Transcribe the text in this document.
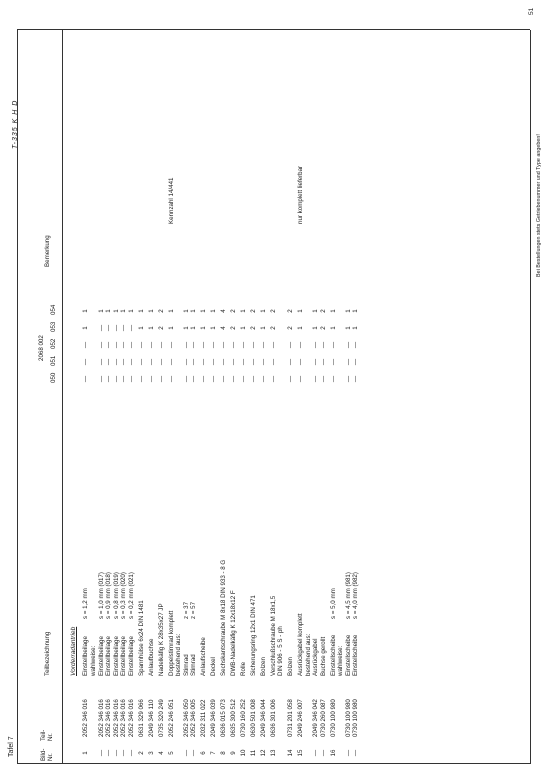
Tafel 7
T-335 K H D
51
Bei Bestellungen stets Getriebenummer und Type angeben!
Bild- Nr.
Teil- Nr.
Teilbezeichnung
2068 002
050
051
052
053
054
Bemerkung
Vorderradantrieb
1
2052 346 016
Einstellbeilage
s = 1,2 mm
—
—
—
1
1
wahlweise:
—
2052 346 016
Einstellbeilage
s = 1,0 mm (017)
—
—
—
—
1
—
2052 346 016
Einstellbeilage
s = 0,9 mm (018)
—
—
—
—
1
—
2052 346 016
Einstellbeilage
s = 0,8 mm (019)
—
—
—
—
1
—
2052 346 016
Einstellbeilage
s = 0,3 mm (020)
—
—
—
—
1
—
2052 346 016
Einstellbeilage
s = 0,2 mm (021)
—
—
—
—
1
2
0631 329 066
Spannhülse 6x24 DIN 1481
—
—
—
1
1
3
2049 346 110
Anlaufbuchse
—
—
—
1
1
4
0735 320 249
Nadelkäfig K 28x35x27 JP
—
—
—
2
2
5
2052 246 051
Doppelstirnrad komplett
—
—
—
1
1
Kennzahl 14/441
bestehend aus:
—
2052 346 050
Stirnrad
z = 37
—
—
—
1
1
—
2052 346 005
Stirnrad
z = 57
—
—
—
1
1
6
2032 311 022
Anlaufscheibe
—
—
—
1
1
7
2049 346 039
Deckel
—
—
—
1
1
8
0636 015 073
Sechskantschraube M 8x18 DIN 933 - 8 G
—
—
—
4
4
9
0635 300 512
DWB-Nadelkäfig K 12x18x12 F
—
—
—
2
2
10
0730 160 252
Rolle
—
—
—
1
1
11
0630 501 008
Sicherungsring 12x1 DIN 471
—
—
—
2
2
12
2049 346 044
Bolzen
—
—
—
1
1
13
0636 301 006
Verschlußschraube M 18x1,5
—
—
—
2
2
DIN 906 - 5 S - ph
14
0731 201 058
Bolzen
—
—
—
2
2
15
2049 246 007
Ausrückgabel komplett
—
—
—
1
1
nur komplett lieferbar
bestehend aus:
—
2049 346 042
Ausrückgabel
—
—
—
1
1
—
0730 260 087
Buchse gerollt
—
—
—
2
2
16
0730 100 980
Einstellscheibe
s = 5,0 mm
—
—
—
1
1
wahlweise:
—
0730 100 980
Einstellscheibe
s = 4,5 mm (981)
—
—
—
1
1
—
0730 100 980
Einstellscheibe
s = 4,0 mm (982)
—
—
—
1
1
